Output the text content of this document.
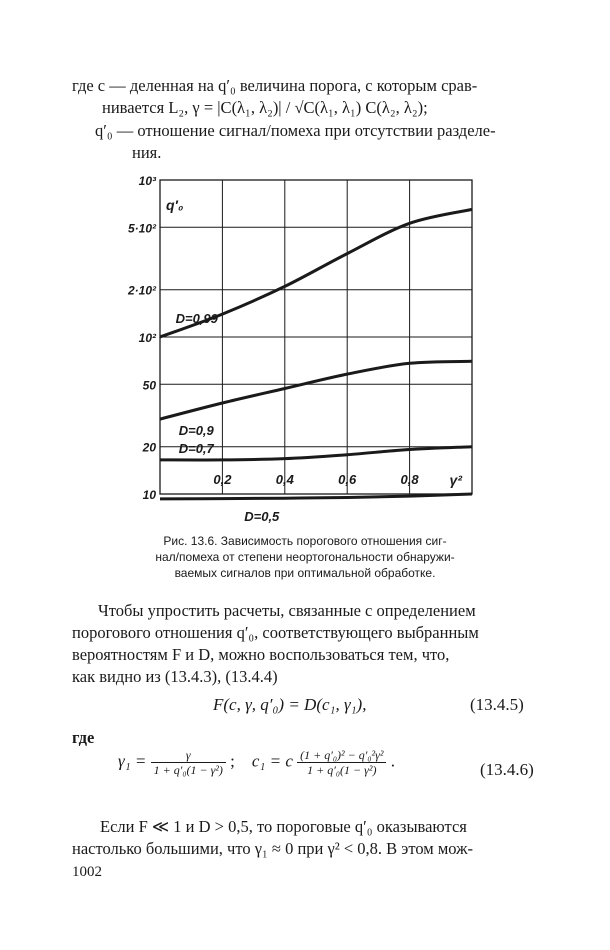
где c — деленная на q′₀ величина порога, с которым срав-
нивается L₂, γ = |C(λ₁, λ₂)| / √C(λ₁, λ₁) C(λ₂, λ₂);
q′₀ — отношение сигнал/помеха при отсутствии разделе-
ния.
0,2	0,4	0,6	0,8
10³
5·10²
2·10²
10²
50
20
10
q′₀
γ²
D=0,99
D=0,9
D=0,7
D=0,5
Рис. 13.6. Зависимость порогового отношения сиг-
нал/помеха от степени неортогональности обнаружи-
ваемых сигналов при оптимальной обработке.
Чтобы упростить расчеты, связанные с определением
порогового отношения q′₀, соответствующего выбранным
вероятностям F и D, можно воспользоваться тем, что,
как видно из (13.4.3), (13.4.4)
F(c, γ, q′₀) = D(c₁, γ₁),	(13.4.5)
где
$\gamma_1 = \frac{\gamma}{\text{1 + q′₀(1 − γ²)}}$ ; c₁ = c $\frac{\text{(1 + q′₀)² − q′₀²γ²}}{\text{1 + q′₀(1 − γ²)}}$ .	(13.4.6)
Если F ≪ 1 и D > 0,5, то пороговые q′₀ оказываются
настолько большими, что γ₁ ≈ 0 при γ² < 0,8. В этом мож-
1002
